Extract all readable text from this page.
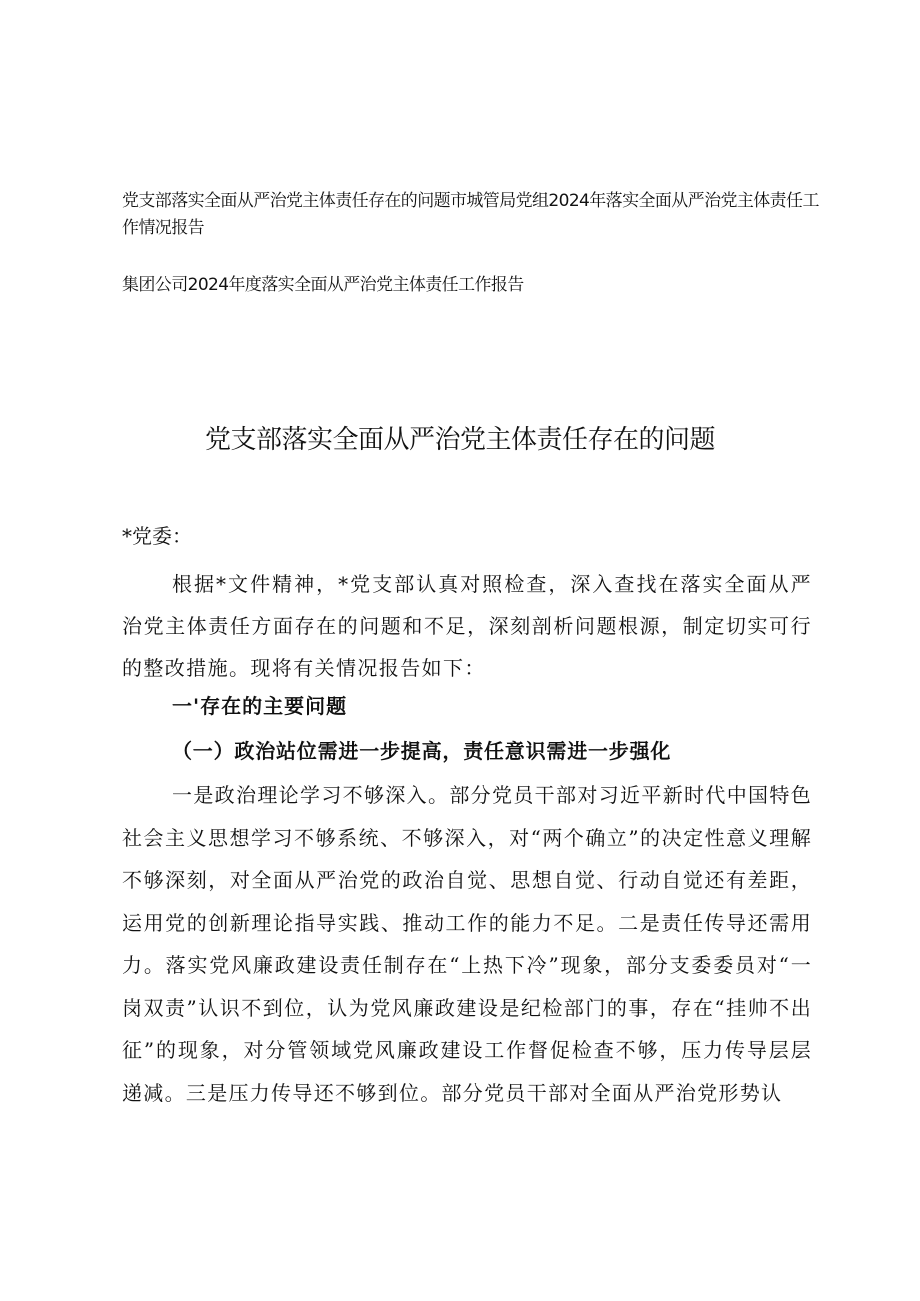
党支部落实全面从严治党主体责任存在的问题市城管局党组2024年落实全面从严治党主体责任工作情况报告
集团公司2024年度落实全面从严治党主体责任工作报告
党支部落实全面从严治党主体责任存在的问题
*党委：
根据*文件精神，*党支部认真对照检查，深入查找在落实全面从严治党主体责任方面存在的问题和不足，深刻剖析问题根源，制定切实可行的整改措施。现将有关情况报告如下：
一'存在的主要问题
（一）政治站位需进一步提高，责任意识需进一步强化
一是政治理论学习不够深入。部分党员干部对习近平新时代中国特色社会主义思想学习不够系统、不够深入，对“两个确立”的决定性意义理解不够深刻，对全面从严治党的政治自觉、思想自觉、行动自觉还有差距，运用党的创新理论指导实践、推动工作的能力不足。二是责任传导还需用力。落实党风廉政建设责任制存在“上热下冷”现象，部分支委委员对“一岗双责”认识不到位，认为党风廉政建设是纪检部门的事，存在“挂帅不出征”的现象，对分管领域党风廉政建设工作督促检查不够，压力传导层层递减。三是压力传导还不够到位。部分党员干部对全面从严治党形势认
